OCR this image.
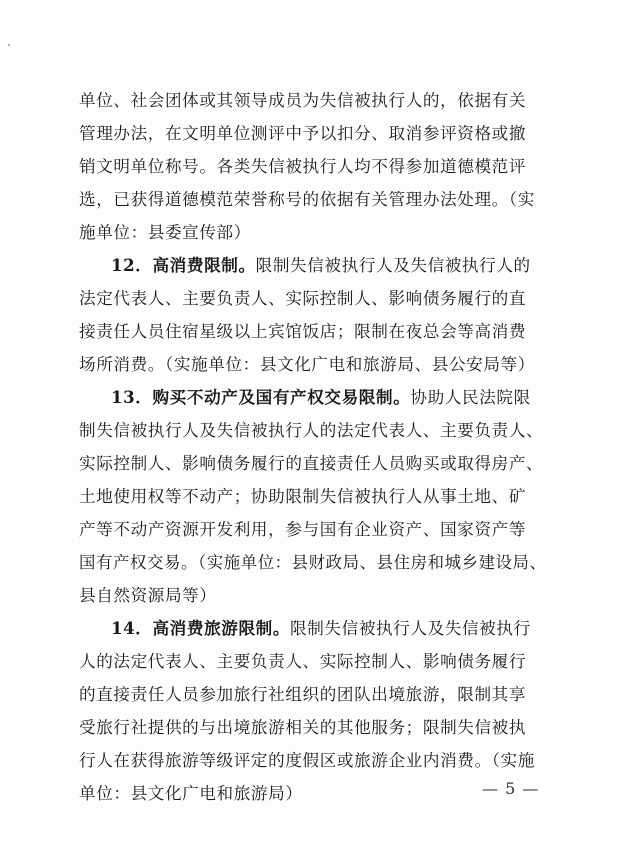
单位、社会团体或其领导成员为失信被执行人的，依据有关
管理办法，在文明单位测评中予以扣分、取消参评资格或撤
销文明单位称号。各类失信被执行人均不得参加道德模范评
选，已获得道德模范荣誉称号的依据有关管理办法处理。（实
施单位：县委宣传部）
12．高消费限制。限制失信被执行人及失信被执行人的
法定代表人、主要负责人、实际控制人、影响债务履行的直
接责任人员住宿星级以上宾馆饭店；限制在夜总会等高消费
场所消费。（实施单位：县文化广电和旅游局、县公安局等）
13．购买不动产及国有产权交易限制。协助人民法院限
制失信被执行人及失信被执行人的法定代表人、主要负责人、
实际控制人、影响债务履行的直接责任人员购买或取得房产、
土地使用权等不动产；协助限制失信被执行人从事土地、矿
产等不动产资源开发利用，参与国有企业资产、国家资产等
国有产权交易。（实施单位：县财政局、县住房和城乡建设局、
县自然资源局等）
14．高消费旅游限制。限制失信被执行人及失信被执行
人的法定代表人、主要负责人、实际控制人、影响债务履行
的直接责任人员参加旅行社组织的团队出境旅游，限制其享
受旅行社提供的与出境旅游相关的其他服务；限制失信被执
行人在获得旅游等级评定的度假区或旅游企业内消费。（实施
单位：县文化广电和旅游局）	— 5 —
